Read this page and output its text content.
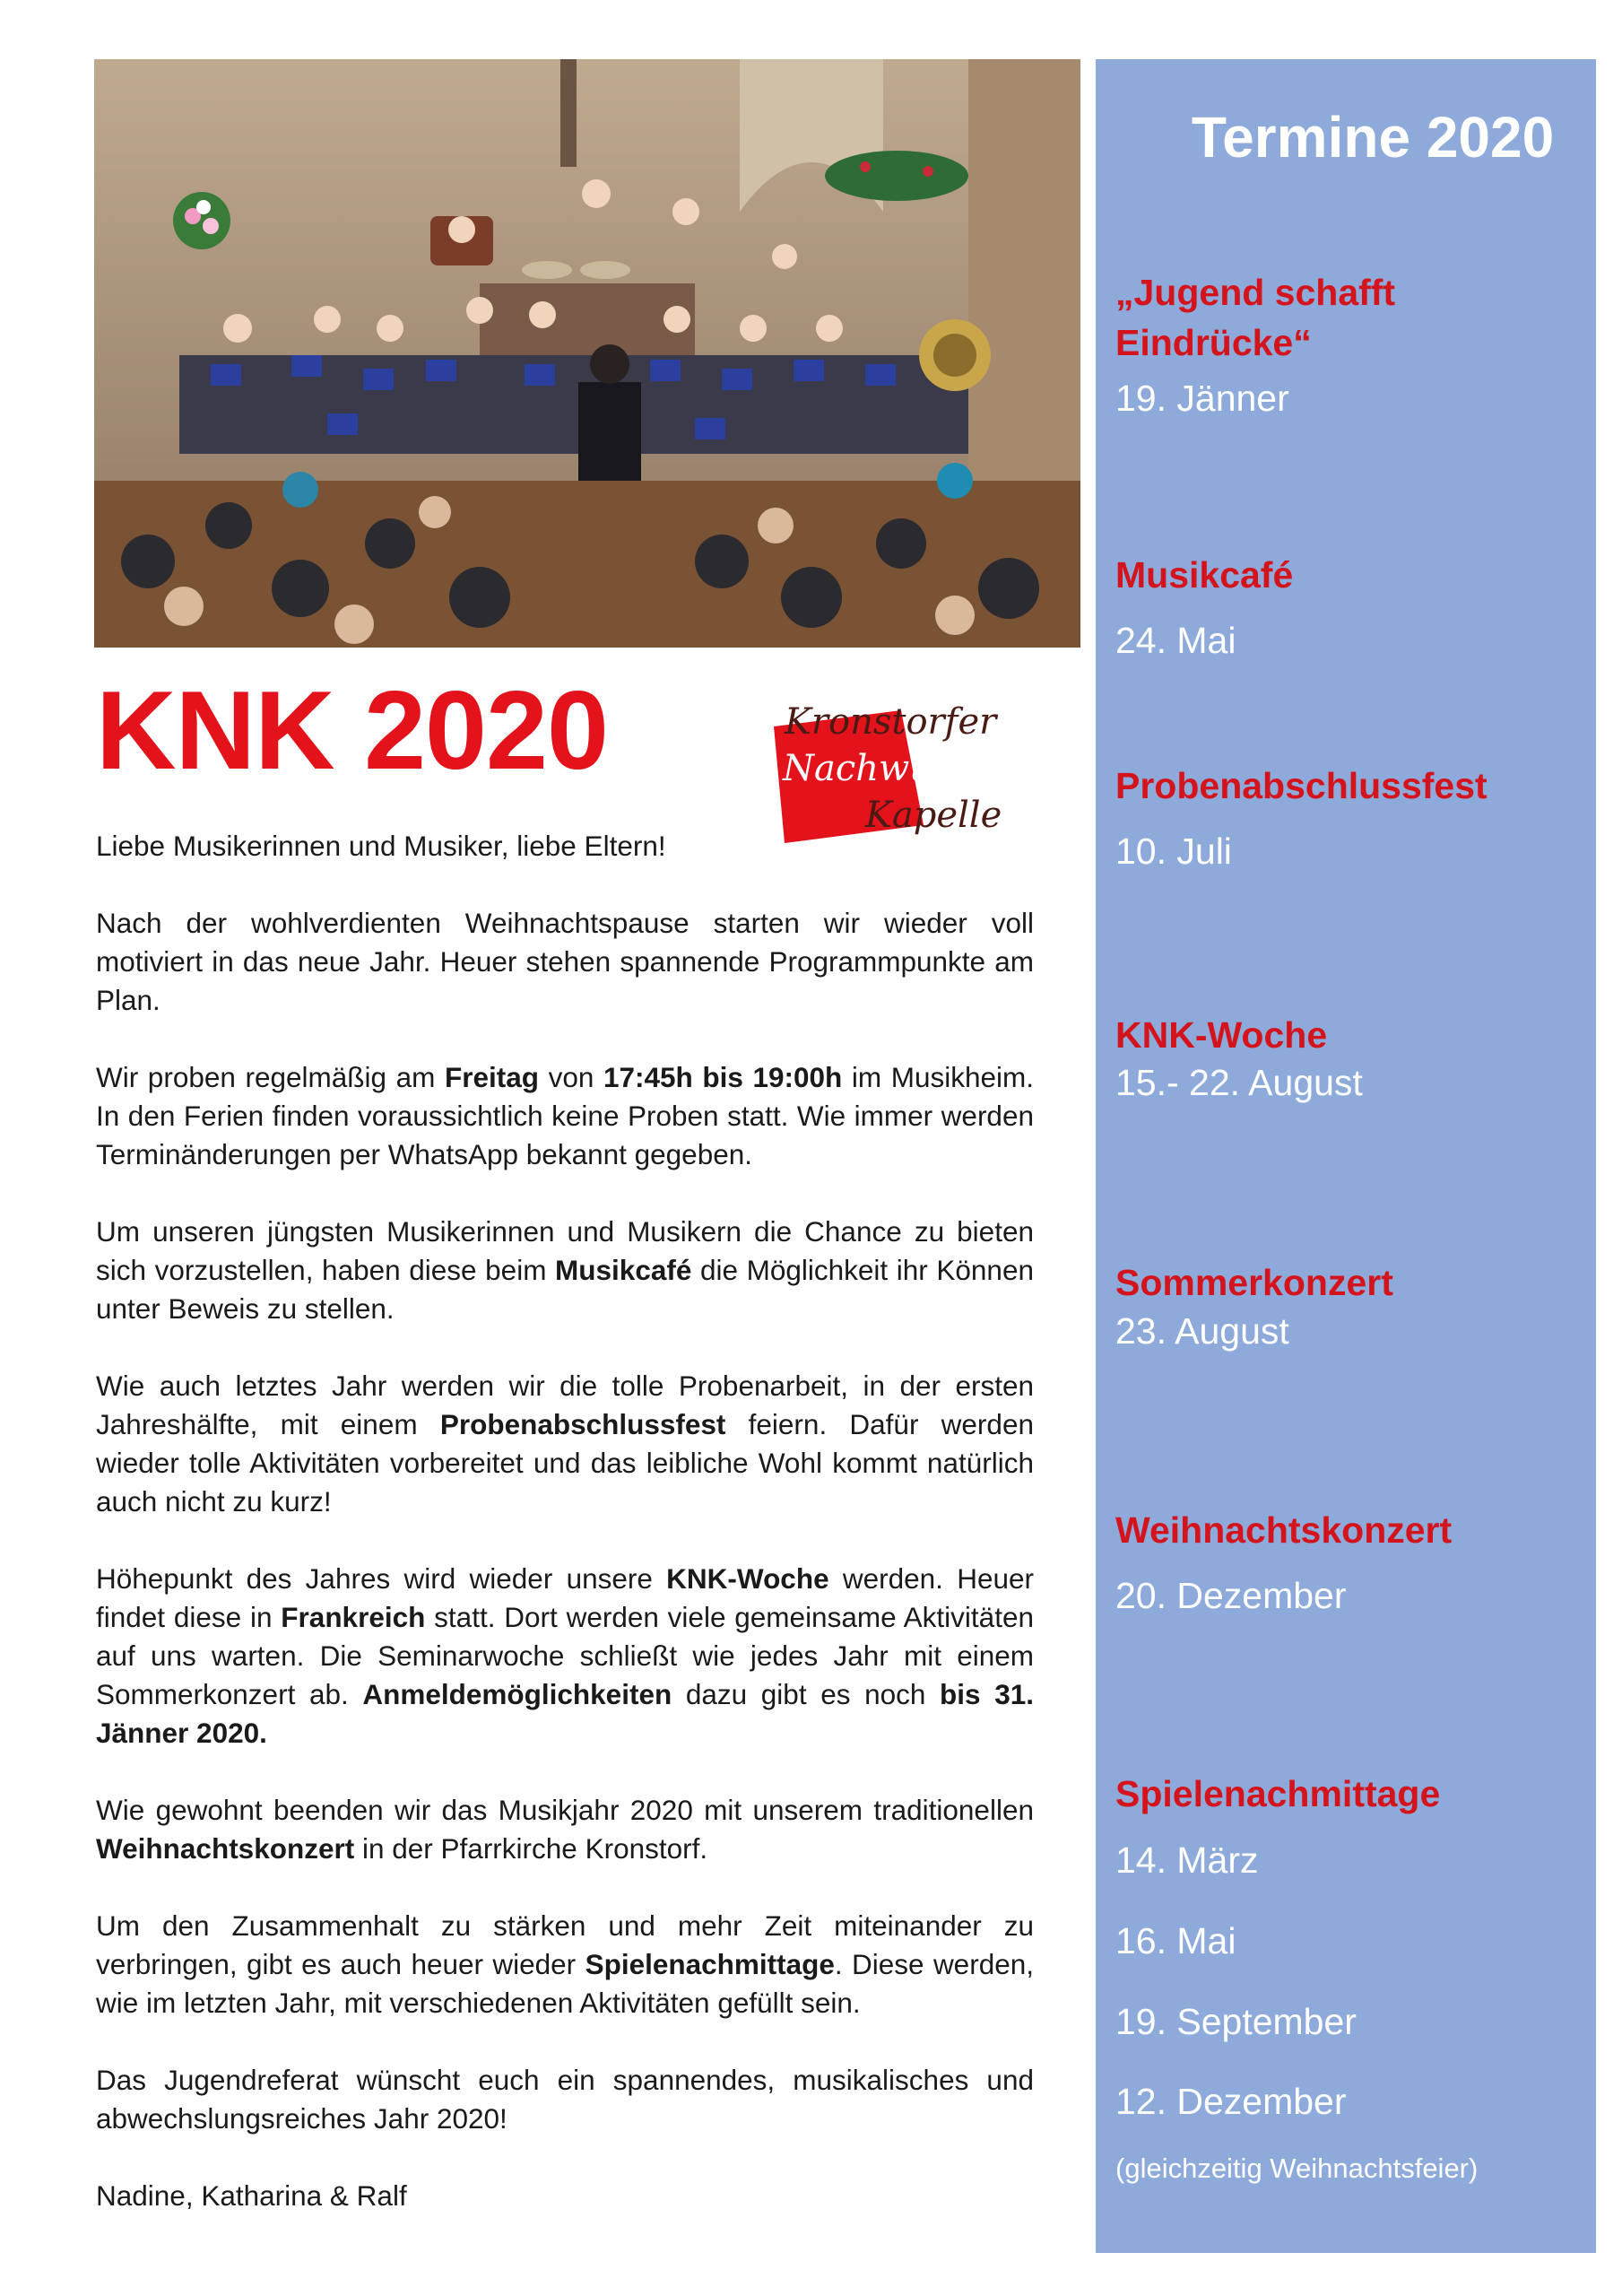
KNK 2020	Kronstorfer
Nachwuchs
Kapelle

Liebe Musikerinnen und Musiker, liebe Eltern!

Nach der wohlverdienten Weihnachtspause starten wir wieder voll motiviert in das neue Jahr. Heuer stehen spannende Programmpunkte am Plan.

Wir proben regelmäßig am Freitag von 17:45h bis 19:00h im Musikheim. In den Ferien finden voraussichtlich keine Proben statt. Wie immer werden Terminänderungen per WhatsApp bekannt gegeben.

Um unseren jüngsten Musikerinnen und Musikern die Chance zu bieten sich vorzustellen, haben diese beim Musikcafé die Möglichkeit ihr Können unter Beweis zu stellen.

Wie auch letztes Jahr werden wir die tolle Probenarbeit, in der ersten Jahreshälfte, mit einem Probenabschlussfest feiern. Dafür werden wieder tolle Aktivitäten vorbereitet und das leibliche Wohl kommt natürlich auch nicht zu kurz!

Höhepunkt des Jahres wird wieder unsere KNK-Woche werden. Heuer findet diese in Frankreich statt. Dort werden viele gemeinsame Aktivitäten auf uns warten. Die Seminarwoche schließt wie jedes Jahr mit einem Sommerkonzert ab. Anmeldemöglichkeiten dazu gibt es noch bis 31. Jänner 2020.

Wie gewohnt beenden wir das Musikjahr 2020 mit unserem traditionellen Weihnachtskonzert in der Pfarrkirche Kronstorf.

Um den Zusammenhalt zu stärken und mehr Zeit miteinander zu verbringen, gibt es auch heuer wieder Spielenachmittage. Diese werden, wie im letzten Jahr, mit verschiedenen Aktivitäten gefüllt sein.

Das Jugendreferat wünscht euch ein spannendes, musikalisches und abwechslungsreiches Jahr 2020!

Nadine, Katharina & Ralf

Termine 2020

„Jugend schafft Eindrücke“

19. Jänner

Musikcafé

24. Mai

Probenabschlussfest

10. Juli

KNK-Woche

15.- 22. August

Sommerkonzert

23. August

Weihnachtskonzert

20. Dezember

Spielenachmittage

14. März

16. Mai

19. September

12. Dezember

(gleichzeitig Weihnachtsfeier)
